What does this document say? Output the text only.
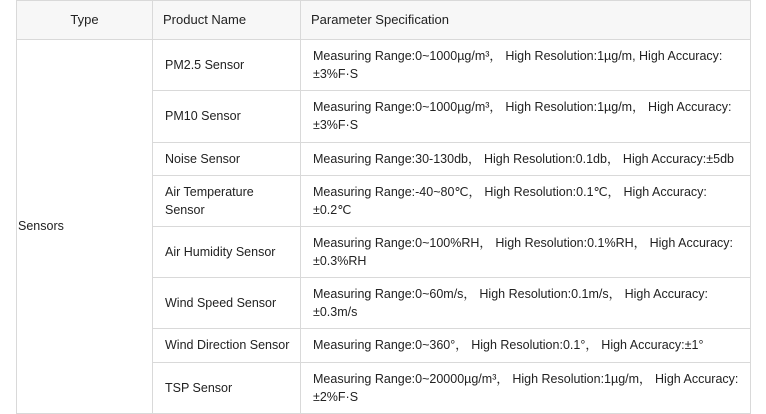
Type	Product Name	Parameter Specification
Sensors	PM2.5 Sensor	Measuring Range:0~1000µg/m³， High Resolution:1µg/m, High Accuracy:±3%F·S
	PM10 Sensor	Measuring Range:0~1000µg/m³， High Resolution:1µg/m， High Accuracy:±3%F·S
	Noise Sensor	Measuring Range:30-130db， High Resolution:0.1db， High Accuracy:±5db
	Air Temperature Sensor	Measuring Range:-40~80℃， High Resolution:0.1℃， High Accuracy:±0.2℃
	Air Humidity Sensor	Measuring Range:0~100%RH， High Resolution:0.1%RH， High Accuracy:±0.3%RH
	Wind Speed Sensor	Measuring Range:0~60m/s， High Resolution:0.1m/s， High Accuracy:±0.3m/s
	Wind Direction Sensor	Measuring Range:0~360°， High Resolution:0.1°， High Accuracy:±1°
	TSP Sensor	Measuring Range:0~20000µg/m³， High Resolution:1µg/m， High Accuracy:±2%F·S
